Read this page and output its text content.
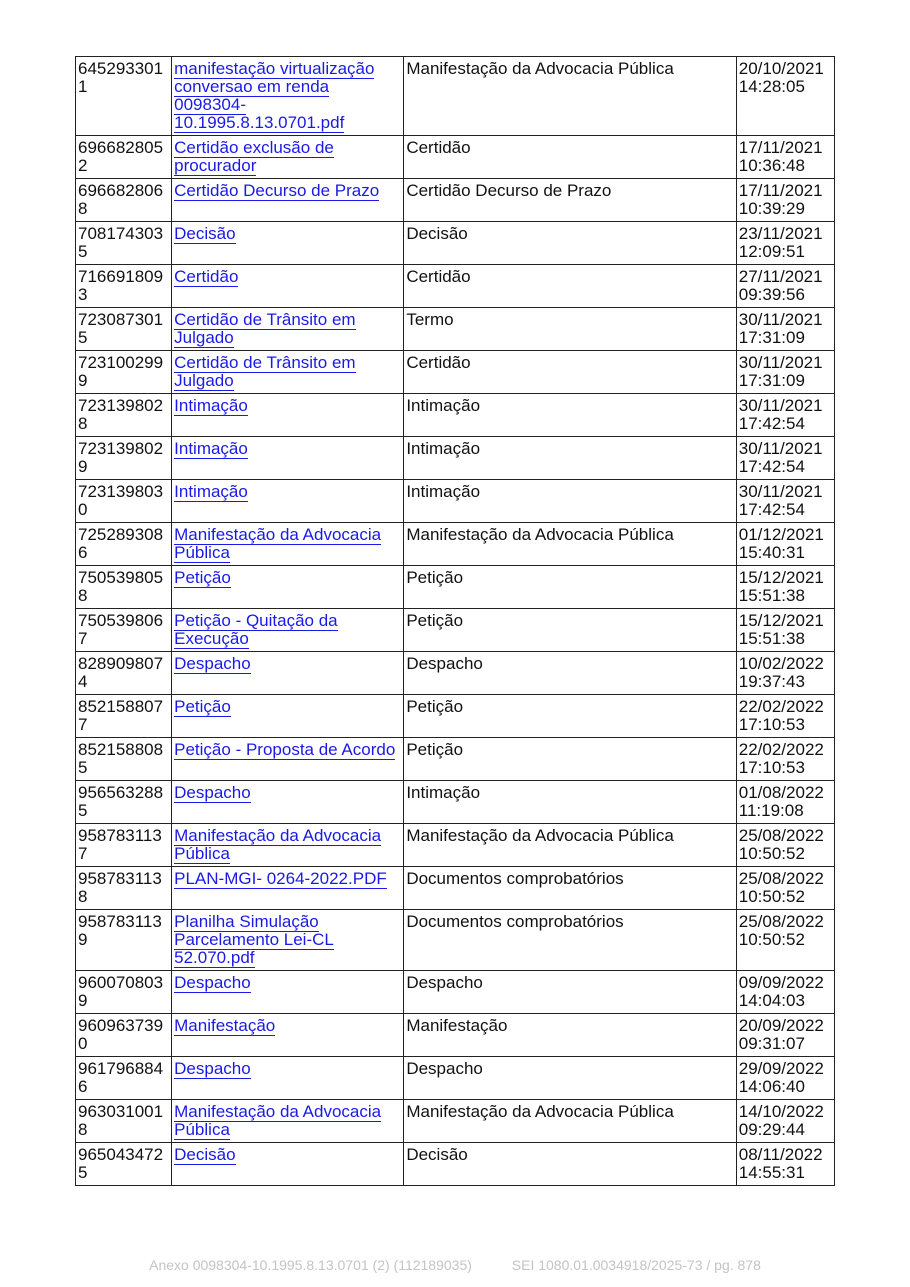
6452933011	manifestação virtualização conversao em renda 0098304-10.1995.8.13.0701.pdf	Manifestação da Advocacia Pública	20/10/2021
14:28:05

6966828052	Certidão exclusão de procurador	Certidão	17/11/2021
10:36:48

6966828068	Certidão Decurso de Prazo	Certidão Decurso de Prazo	17/11/2021
10:39:29

7081743035	Decisão	Decisão	23/11/2021
12:09:51

7166918093	Certidão	Certidão	27/11/2021
09:39:56

7230873015	Certidão de Trânsito em Julgado	Termo	30/11/2021
17:31:09

7231002999	Certidão de Trânsito em Julgado	Certidão	30/11/2021
17:31:09

7231398028	Intimação	Intimação	30/11/2021
17:42:54

7231398029	Intimação	Intimação	30/11/2021
17:42:54

7231398030	Intimação	Intimação	30/11/2021
17:42:54

7252893086	Manifestação da Advocacia Pública	Manifestação da Advocacia Pública	01/12/2021
15:40:31

7505398058	Petição	Petição	15/12/2021
15:51:38

7505398067	Petição - Quitação da Execução	Petição	15/12/2021
15:51:38

8289098074	Despacho	Despacho	10/02/2022
19:37:43

8521588077	Petição	Petição	22/02/2022
17:10:53

8521588085	Petição - Proposta de Acordo	Petição	22/02/2022
17:10:53

9565632885	Despacho	Intimação	01/08/2022
11:19:08

9587831137	Manifestação da Advocacia Pública	Manifestação da Advocacia Pública	25/08/2022
10:50:52

9587831138	PLAN-MGI- 0264-2022.PDF	Documentos comprobatórios	25/08/2022
10:50:52

9587831139	Planilha Simulação Parcelamento Lei-CL 52.070.pdf	Documentos comprobatórios	25/08/2022
10:50:52

9600708039	Despacho	Despacho	09/09/2022
14:04:03

9609637390	Manifestação	Manifestação	20/09/2022
09:31:07

9617968846	Despacho	Despacho	29/09/2022
14:06:40

9630310018	Manifestação da Advocacia Pública	Manifestação da Advocacia Pública	14/10/2022
09:29:44

9650434725	Decisão	Decisão	08/11/2022
14:55:31
Anexo 0098304-10.1995.8.13.0701 (2) (112189035)	SEI 1080.01.0034918/2025-73 / pg. 878
